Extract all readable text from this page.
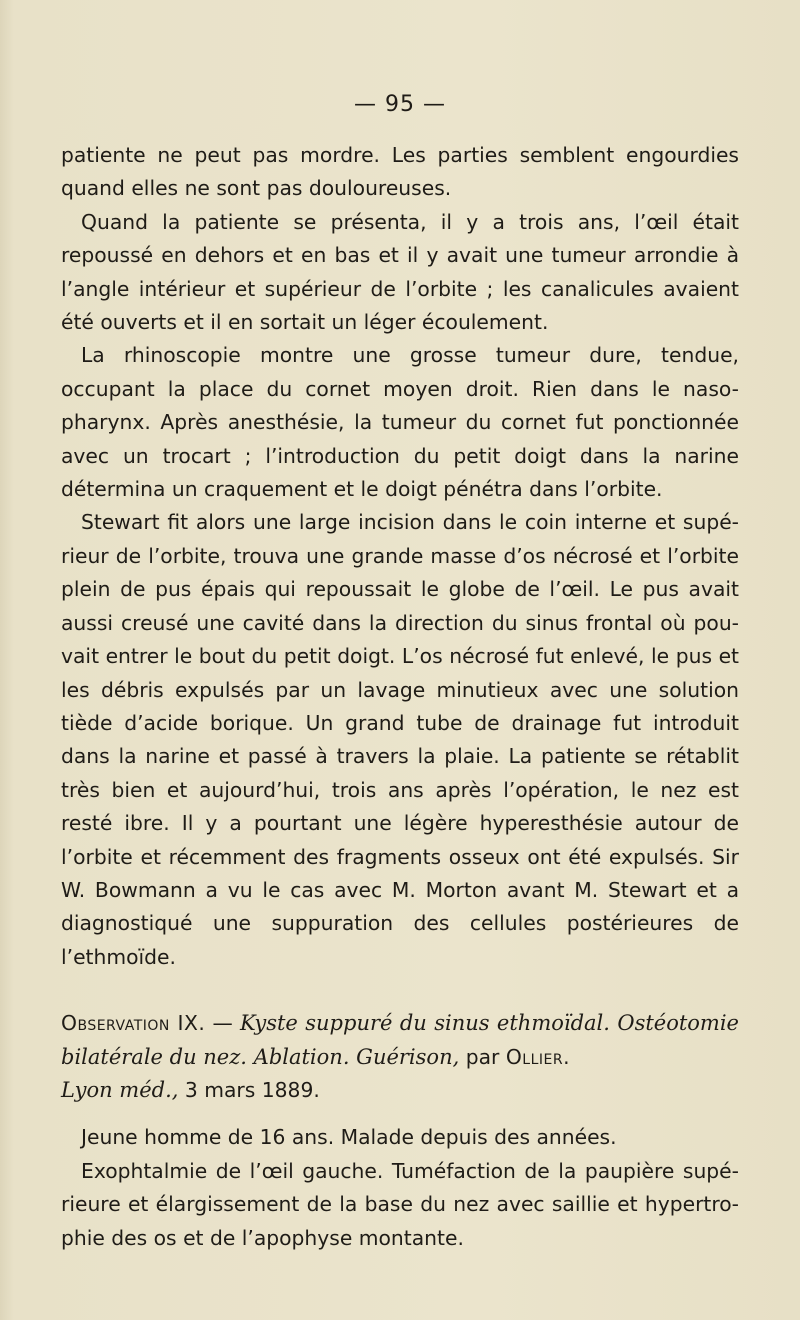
— 95 —

patiente ne peut pas mordre. Les parties semblent engourdies quand elles ne sont pas douloureuses.

Quand la patiente se présenta, il y a trois ans, l’œil était repoussé en dehors et en bas et il y avait une tumeur arrondie à l’angle intérieur et supérieur de l’orbite ; les canalicules avaient été ouverts et il en sortait un léger écoulement.

La rhinoscopie montre une grosse tumeur dure, tendue, occupant la place du cornet moyen droit. Rien dans le naso-pharynx. Après anesthésie, la tumeur du cornet fut ponctionnée avec un trocart ; l’introduction du petit doigt dans la narine détermina un craquement et le doigt pénétra dans l’orbite.

Stewart fit alors une large incision dans le coin interne et supérieur de l’orbite, trouva une grande masse d’os nécrosé et l’orbite plein de pus épais qui repoussait le globe de l’œil. Le pus avait aussi creusé une cavité dans la direction du sinus frontal où pouvait entrer le bout du petit doigt. L’os nécrosé fut enlevé, le pus et les débris expulsés par un lavage minutieux avec une solution tiède d’acide borique. Un grand tube de drainage fut introduit dans la narine et passé à travers la plaie. La patiente se rétablit très bien et aujourd’hui, trois ans après l’opération, le nez est resté ibre. Il y a pourtant une légère hyperesthésie autour de l’orbite et récemment des fragments osseux ont été expulsés. Sir W. Bowmann a vu le cas avec M. Morton avant M. Stewart et a diagnostiqué une suppuration des cellules postérieures de l’ethmoïde.

Observation IX. — Kyste suppuré du sinus ethmoïdal. Ostéotomie bilatérale du nez. Ablation. Guérison, par Ollier.
Lyon méd., 3 mars 1889.

Jeune homme de 16 ans. Malade depuis des années.

Exophtalmie de l’œil gauche. Tuméfaction de la paupière supérieure et élargissement de la base du nez avec saillie et hypertrophie des os et de l’apophyse montante.
